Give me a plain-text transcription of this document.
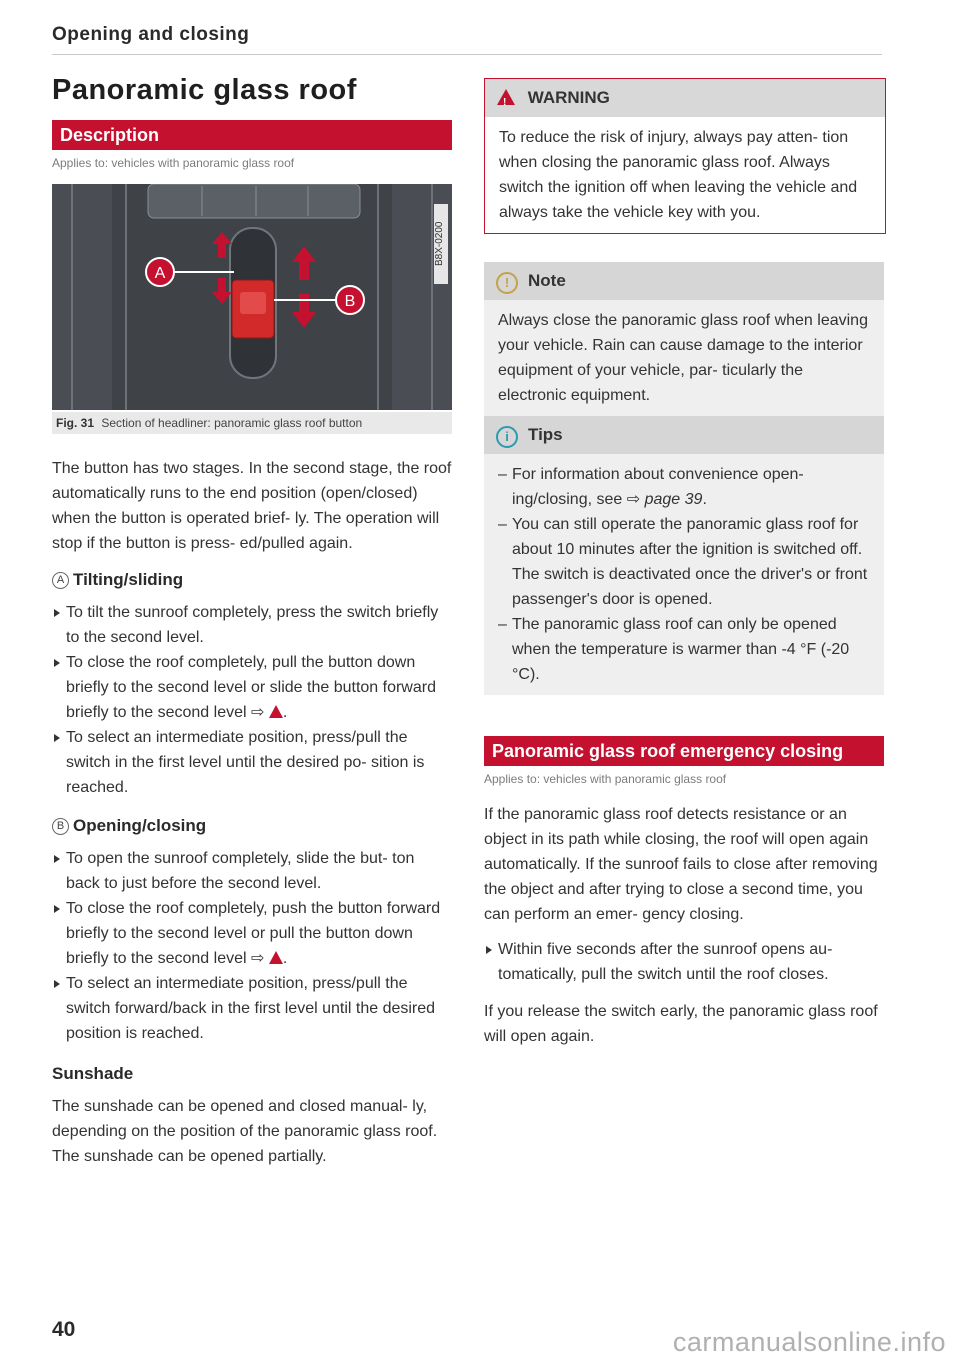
Opening and closing
Panoramic glass roof
Description
Applies to: vehicles with panoramic glass roof
A
B
B8X-0200
Fig. 31 Section of headliner: panoramic glass roof button
The button has two stages. In the second stage, the roof automatically runs to the end position (open/closed) when the button is operated brief- ly. The operation will stop if the button is press- ed/pulled again.
A Tilting/sliding
To tilt the sunroof completely, press the switch briefly to the second level.
To close the roof completely, pull the button down briefly to the second level or slide the button forward briefly to the second level ⇨ .
To select an intermediate position, press/pull the switch in the first level until the desired po- sition is reached.
B Opening/closing
To open the sunroof completely, slide the but- ton back to just before the second level.
To close the roof completely, push the button forward briefly to the second level or pull the button down briefly to the second level ⇨ .
To select an intermediate position, press/pull the switch forward/back in the first level until the desired position is reached.
Sunshade
The sunshade can be opened and closed manual- ly, depending on the position of the panoramic glass roof. The sunshade can be opened partially.
! WARNING
To reduce the risk of injury, always pay atten- tion when closing the panoramic glass roof. Always switch the ignition off when leaving the vehicle and always take the vehicle key with you.
! Note
Always close the panoramic glass roof when leaving your vehicle. Rain can cause damage to the interior equipment of your vehicle, par- ticularly the electronic equipment.
i Tips
– For information about convenience open- ing/closing, see ⇨ page 39.
– You can still operate the panoramic glass roof for about 10 minutes after the ignition is switched off. The switch is deactivated once the driver's or front passenger's door is opened.
– The panoramic glass roof can only be opened when the temperature is warmer than -4 °F (-20 °C).
Panoramic glass roof emergency closing
Applies to: vehicles with panoramic glass roof
If the panoramic glass roof detects resistance or an object in its path while closing, the roof will open again automatically. If the sunroof fails to close after removing the object and after trying to close a second time, you can perform an emer- gency closing.
Within five seconds after the sunroof opens au- tomatically, pull the switch until the roof closes.
If you release the switch early, the panoramic glass roof will open again.
40	carmanualsonline.info
